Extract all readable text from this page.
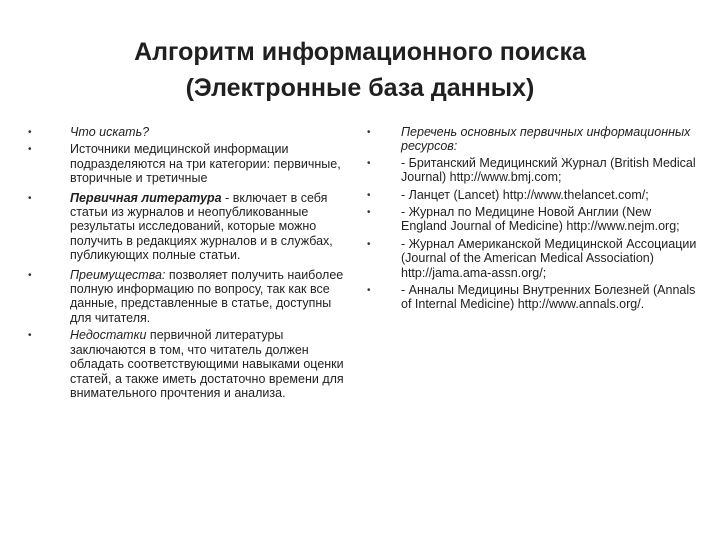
Алгоритм информационного поиска
(Электронные база данных)
•	Что искать?
•	Источники медицинской информации подразделяются на три категории: первичные, вторичные и третичные
•	Первичная литература - включает в себя статьи из журналов и неопубликованные результаты исследований, которые можно получить в редакциях журналов и в службах, публикующих полные статьи.
•	Преимущества: позволяет получить наиболее полную информацию по вопросу, так как все данные, представленные в статье, доступны для читателя.
•	Недостатки первичной литературы заключаются в том, что читатель должен обладать соответствующими навыками оценки статей, а также иметь достаточно времени для внимательного прочтения и анализа.
•	Перечень основных первичных информационных ресурсов:
•	- Британский Медицинский Журнал (British Medical Journal) http://www.bmj.com;
•	- Ланцет (Lancet) http://www.thelancet.com/;
•	- Журнал по Медицине Новой Англии (New England Journal of Medicine) http://www.nejm.org;
•	- Журнал Американской Медицинской Ассоциации (Journal of the American Medical Association) http://jama.ama-assn.org/;
•	- Анналы Медицины Внутренних Болезней (Annals of Internal Medicine) http://www.annals.org/.
